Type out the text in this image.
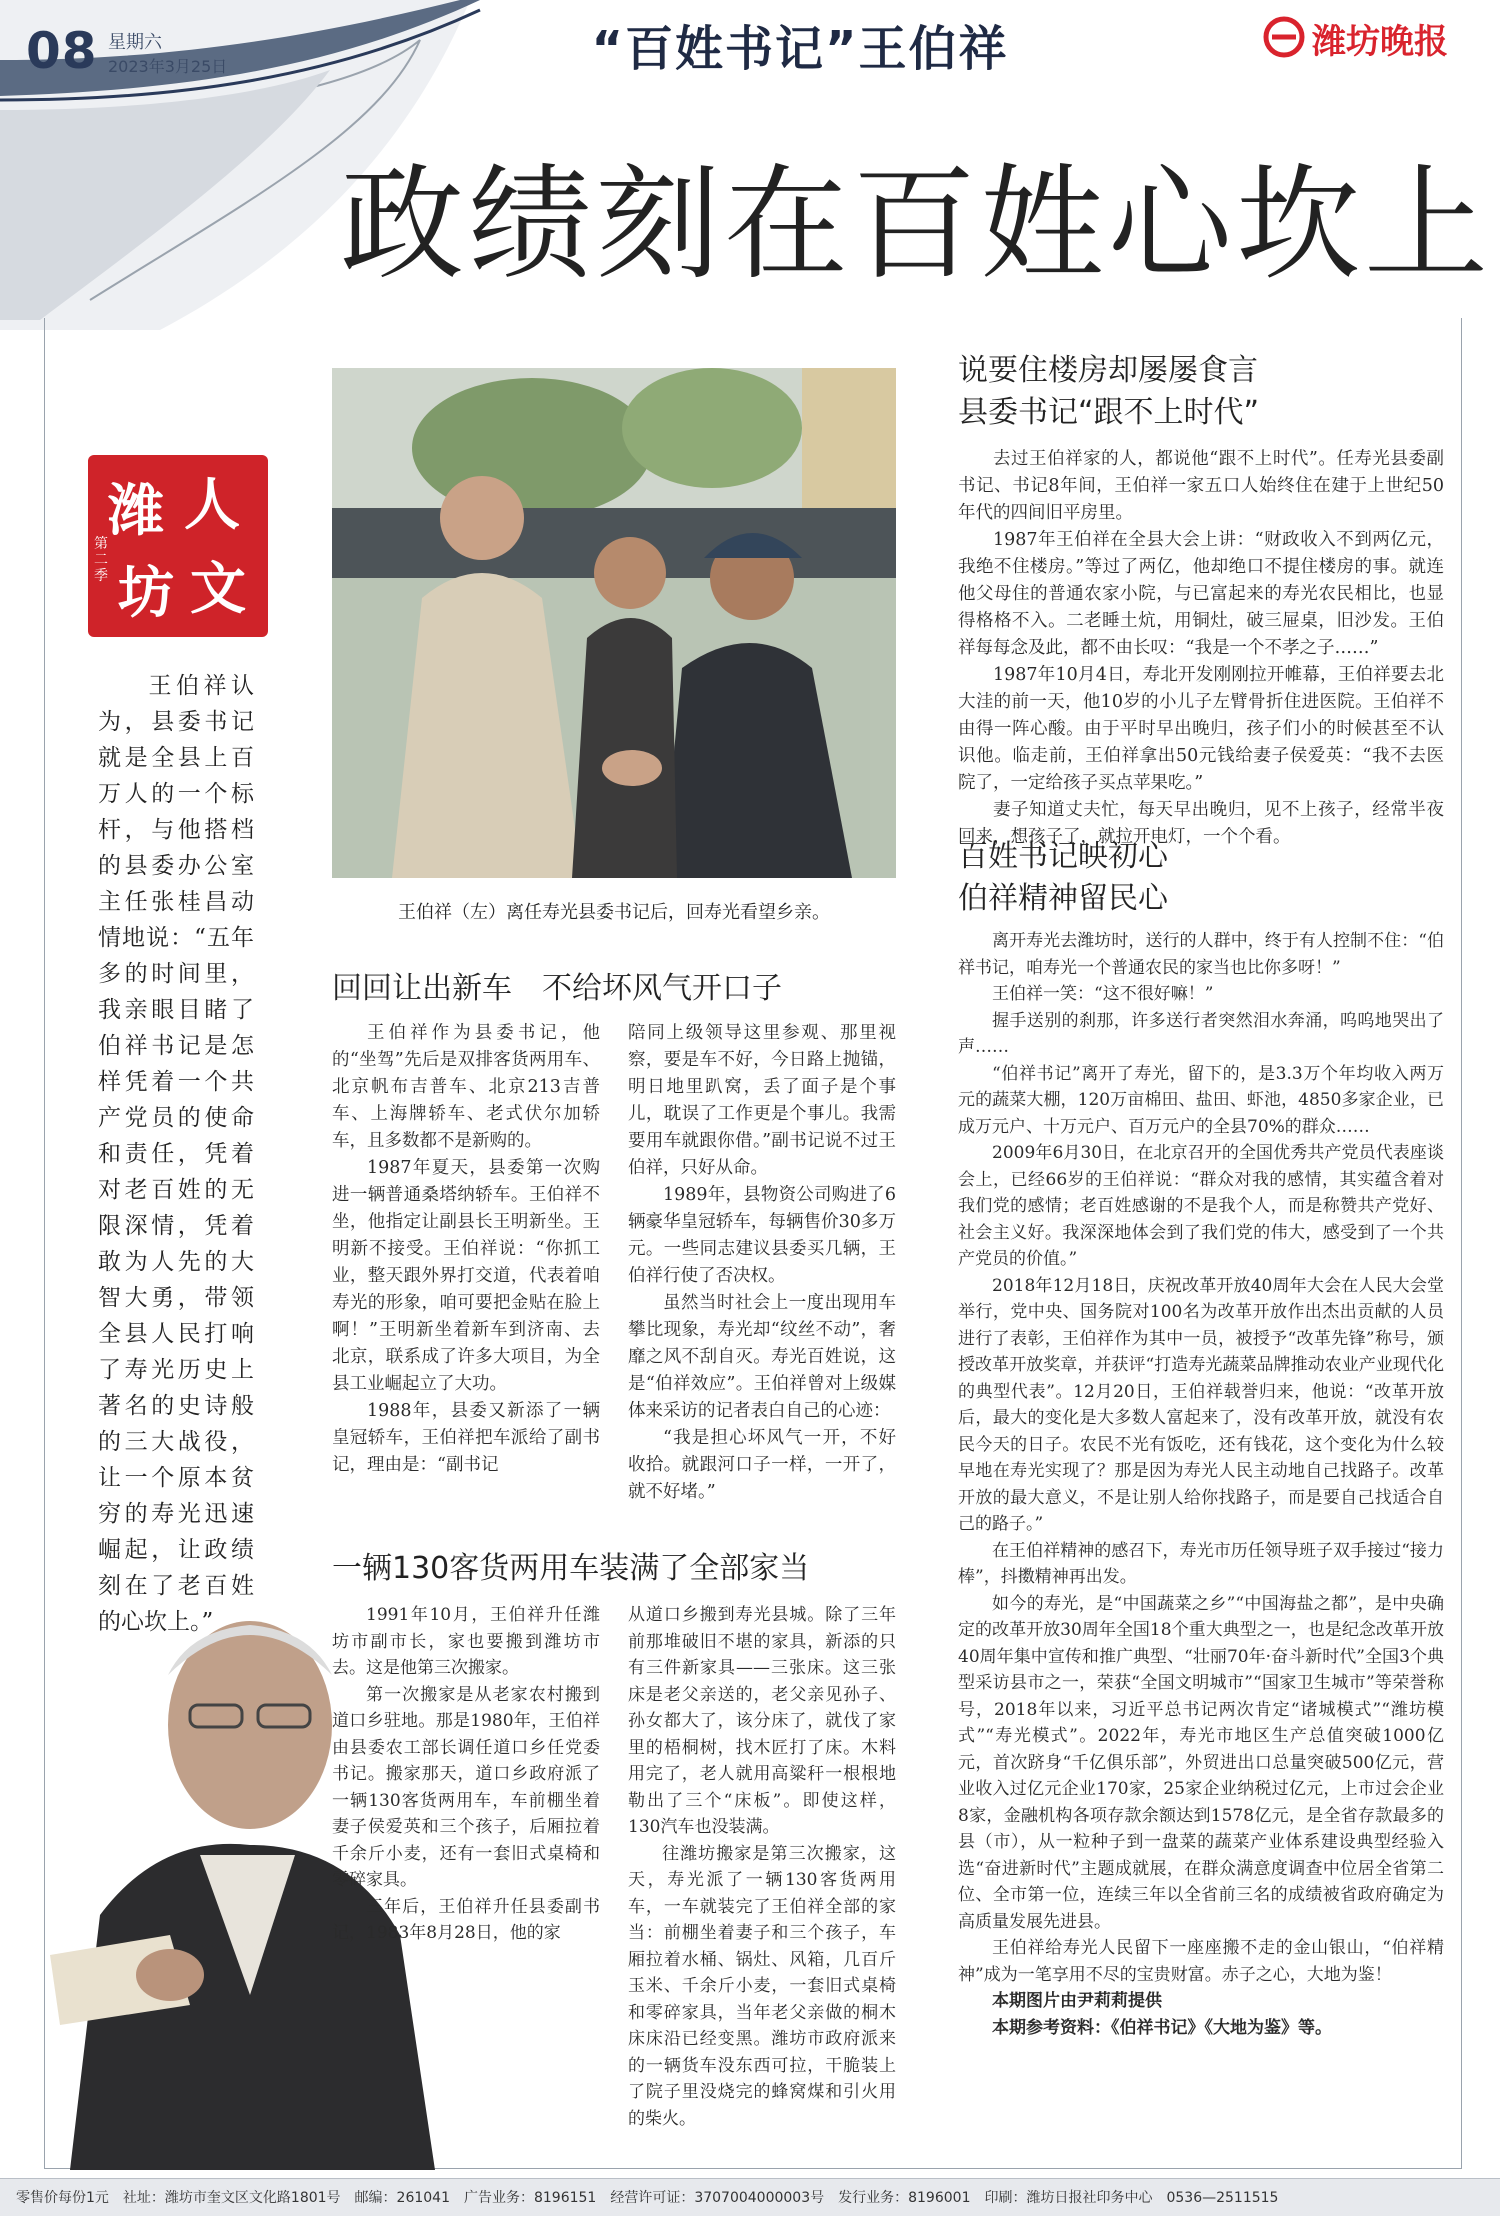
08 星期六
2023年3月25日	“百姓书记”王伯祥	潍坊晚报
政绩刻在百姓心坎上
潍 人
坊 文
第二季
王伯祥认为，县委书记就是全县上百万人的一个标杆，与他搭档的县委办公室主任张桂昌动情地说：“五年多的时间里，我亲眼目睹了伯祥书记是怎样凭着一个共产党员的使命和责任，凭着对老百姓的无限深情，凭着敢为人先的大智大勇，带领全县人民打响了寿光历史上著名的史诗般的三大战役，让一个原本贫穷的寿光迅速崛起，让政绩刻在了老百姓的心坎上。”
王伯祥（左）离任寿光县委书记后，回寿光看望乡亲。
回回让出新车　不给坏风气开口子

王伯祥作为县委书记，他的“坐驾”先后是双排客货两用车、北京帆布吉普车、北京213吉普车、上海牌轿车、老式伏尔加轿车，且多数都不是新购的。

1987年夏天，县委第一次购进一辆普通桑塔纳轿车。王伯祥不坐，他指定让副县长王明新坐。王明新不接受。王伯祥说：“你抓工业，整天跟外界打交道，代表着咱寿光的形象，咱可要把金贴在脸上啊！”王明新坐着新车到济南、去北京，联系成了许多大项目，为全县工业崛起立了大功。

1988年，县委又新添了一辆皇冠轿车，王伯祥把车派给了副书记，理由是：“副书记

陪同上级领导这里参观、那里视察，要是车不好，今日路上抛锚，明日地里趴窝，丢了面子是个事儿，耽误了工作更是个事儿。我需要用车就跟你借。”副书记说不过王伯祥，只好从命。

1989年，县物资公司购进了6辆豪华皇冠轿车，每辆售价30多万元。一些同志建议县委买几辆，王伯祥行使了否决权。

虽然当时社会上一度出现用车攀比现象，寿光却“纹丝不动”，奢靡之风不刮自灭。寿光百姓说，这是“伯祥效应”。王伯祥曾对上级媒体来采访的记者表白自己的心迹：

“我是担心坏风气一开，不好收拾。就跟河口子一样，一开了，就不好堵。”

一辆130客货两用车装满了全部家当

1991年10月，王伯祥升任潍坊市副市长，家也要搬到潍坊市去。这是他第三次搬家。

第一次搬家是从老家农村搬到道口乡驻地。那是1980年，王伯祥由县委农工部长调任道口乡任党委书记。搬家那天，道口乡政府派了一辆130客货两用车，车前棚坐着妻子侯爱英和三个孩子，后厢拉着千余斤小麦，还有一套旧式桌椅和零碎家具。

三年后，王伯祥升任县委副书记，1983年8月28日，他的家

从道口乡搬到寿光县城。除了三年前那堆破旧不堪的家具，新添的只有三件新家具——三张床。这三张床是老父亲送的，老父亲见孙子、孙女都大了，该分床了，就伐了家里的梧桐树，找木匠打了床。木料用完了，老人就用高粱秆一根根地勒出了三个“床板”。即使这样，130汽车也没装满。

往潍坊搬家是第三次搬家，这天，寿光派了一辆130客货两用车，一车就装完了王伯祥全部的家当：前棚坐着妻子和三个孩子，车厢拉着水桶、锅灶、风箱，几百斤玉米、千余斤小麦，一套旧式桌椅和零碎家具，当年老父亲做的桐木床床沿已经变黑。潍坊市政府派来的一辆货车没东西可拉，干脆装上了院子里没烧完的蜂窝煤和引火用的柴火。

说要住楼房却屡屡食言
县委书记“跟不上时代”

去过王伯祥家的人，都说他“跟不上时代”。任寿光县委副书记、书记8年间，王伯祥一家五口人始终住在建于上世纪50年代的四间旧平房里。

1987年王伯祥在全县大会上讲：“财政收入不到两亿元，我绝不住楼房。”等过了两亿，他却绝口不提住楼房的事。就连他父母住的普通农家小院，与已富起来的寿光农民相比，也显得格格不入。二老睡土炕，用铜灶，破三屉桌，旧沙发。王伯祥每每念及此，都不由长叹：“我是一个不孝之子……”

1987年10月4日，寿北开发刚刚拉开帷幕，王伯祥要去北大洼的前一天，他10岁的小儿子左臂骨折住进医院。王伯祥不由得一阵心酸。由于平时早出晚归，孩子们小的时候甚至不认识他。临走前，王伯祥拿出50元钱给妻子侯爱英：“我不去医院了，一定给孩子买点苹果吃。”

妻子知道丈夫忙，每天早出晚归，见不上孩子，经常半夜回来，想孩子了，就拉开电灯，一个个看。

百姓书记映初心
伯祥精神留民心

离开寿光去潍坊时，送行的人群中，终于有人控制不住：“伯祥书记，咱寿光一个普通农民的家当也比你多呀！”

王伯祥一笑：“这不很好嘛！”

握手送别的刹那，许多送行者突然泪水奔涌，呜呜地哭出了声……

“伯祥书记”离开了寿光，留下的，是3.3万个年均收入两万元的蔬菜大棚，120万亩棉田、盐田、虾池，4850多家企业，已成万元户、十万元户、百万元户的全县70%的群众……

2009年6月30日，在北京召开的全国优秀共产党员代表座谈会上，已经66岁的王伯祥说：“群众对我的感情，其实蕴含着对我们党的感情；老百姓感谢的不是我个人，而是称赞共产党好、社会主义好。我深深地体会到了我们党的伟大，感受到了一个共产党员的价值。”

2018年12月18日，庆祝改革开放40周年大会在人民大会堂举行，党中央、国务院对100名为改革开放作出杰出贡献的人员进行了表彰，王伯祥作为其中一员，被授予“改革先锋”称号，颁授改革开放奖章，并获评“打造寿光蔬菜品牌推动农业产业现代化的典型代表”。12月20日，王伯祥载誉归来，他说：“改革开放后，最大的变化是大多数人富起来了，没有改革开放，就没有农民今天的日子。农民不光有饭吃，还有钱花，这个变化为什么较早地在寿光实现了？那是因为寿光人民主动地自己找路子。改革开放的最大意义，不是让别人给你找路子，而是要自己找适合自己的路子。”

在王伯祥精神的感召下，寿光市历任领导班子双手接过“接力棒”，抖擞精神再出发。

如今的寿光，是“中国蔬菜之乡”“中国海盐之都”，是中央确定的改革开放30周年全国18个重大典型之一，也是纪念改革开放40周年集中宣传和推广典型、“壮丽70年·奋斗新时代”全国3个典型采访县市之一，荣获“全国文明城市”“国家卫生城市”等荣誉称号，2018年以来，习近平总书记两次肯定“诸城模式”“潍坊模式”“寿光模式”。2022年，寿光市地区生产总值突破1000亿元，首次跻身“千亿俱乐部”，外贸进出口总量突破500亿元，营业收入过亿元企业170家，25家企业纳税过亿元，上市过会企业8家，金融机构各项存款余额达到1578亿元，是全省存款最多的县（市），从一粒种子到一盘菜的蔬菜产业体系建设典型经验入选“奋进新时代”主题成就展，在群众满意度调查中位居全省第二位、全市第一位，连续三年以全省前三名的成绩被省政府确定为高质量发展先进县。

王伯祥给寿光人民留下一座座搬不走的金山银山，“伯祥精神”成为一笔享用不尽的宝贵财富。赤子之心，大地为鉴！

本期图片由尹莉莉提供

本期参考资料：《伯祥书记》《大地为鉴》等。

零售价每份1元　社址：潍坊市奎文区文化路1801号　邮编：261041　广告业务：8196151　经营许可证：3707004000003号　发行业务：8196001　印刷：潍坊日报社印务中心　0536—2511515
